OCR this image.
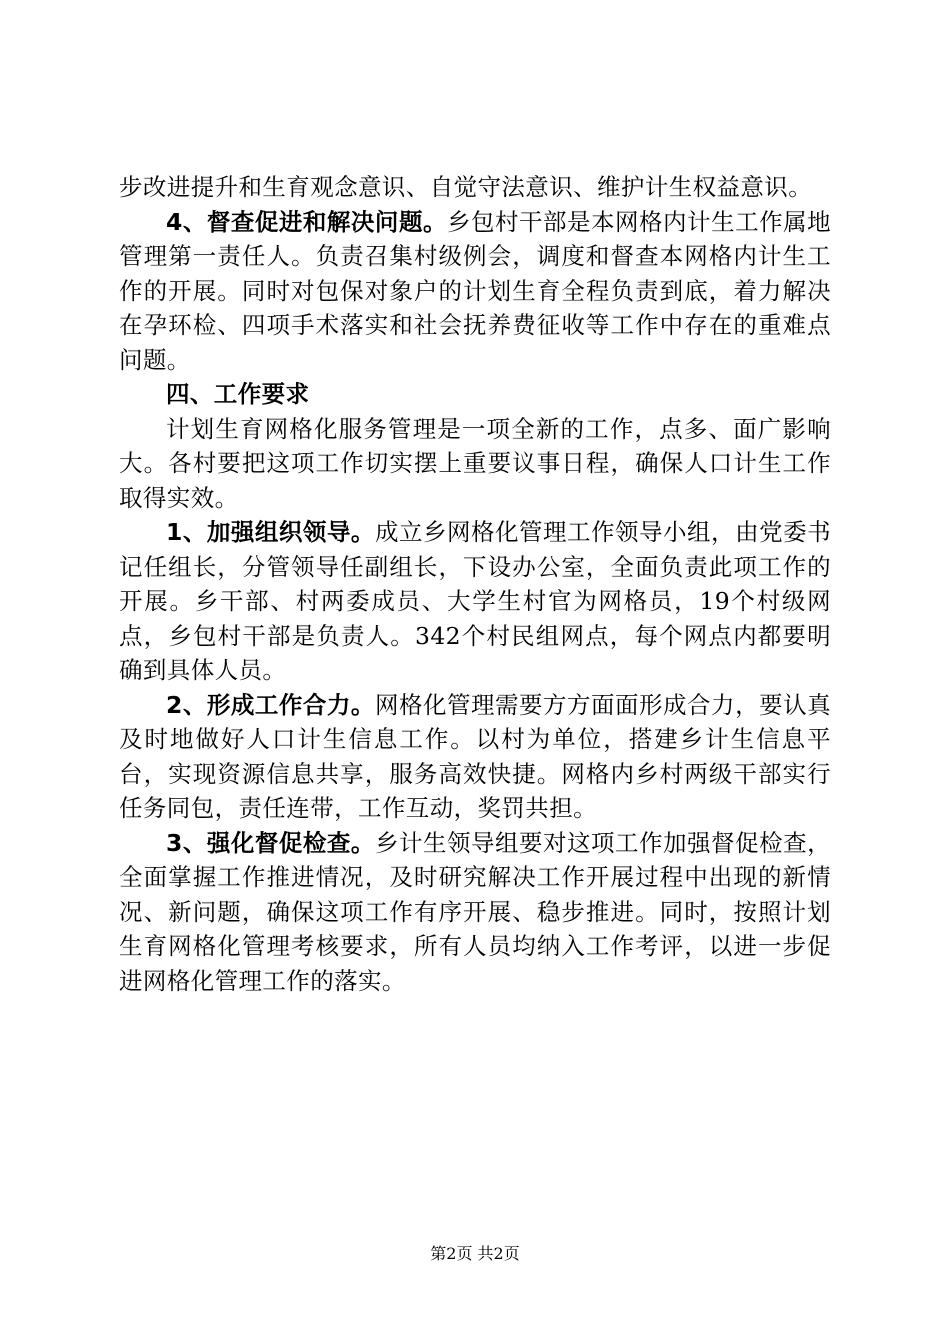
步改进提升和生育观念意识、自觉守法意识、维护计生权益意识。

4、督查促进和解决问题。乡包村干部是本网格内计生工作属地管理第一责任人。负责召集村级例会，调度和督查本网格内计生工作的开展。同时对包保对象户的计划生育全程负责到底，着力解决在孕环检、四项手术落实和社会抚养费征收等工作中存在的重难点问题。

四、工作要求

计划生育网格化服务管理是一项全新的工作，点多、面广影响大。各村要把这项工作切实摆上重要议事日程，确保人口计生工作取得实效。

1、加强组织领导。成立乡网格化管理工作领导小组，由党委书记任组长，分管领导任副组长，下设办公室，全面负责此项工作的开展。乡干部、村两委成员、大学生村官为网格员，19个村级网点，乡包村干部是负责人。342个村民组网点，每个网点内都要明确到具体人员。

2、形成工作合力。网格化管理需要方方面面形成合力，要认真及时地做好人口计生信息工作。以村为单位，搭建乡计生信息平台，实现资源信息共享，服务高效快捷。网格内乡村两级干部实行任务同包，责任连带，工作互动，奖罚共担。

3、强化督促检查。乡计生领导组要对这项工作加强督促检查，全面掌握工作推进情况，及时研究解决工作开展过程中出现的新情况、新问题，确保这项工作有序开展、稳步推进。同时，按照计划生育网格化管理考核要求，所有人员均纳入工作考评，以进一步促进网格化管理工作的落实。

第2页 共2页
